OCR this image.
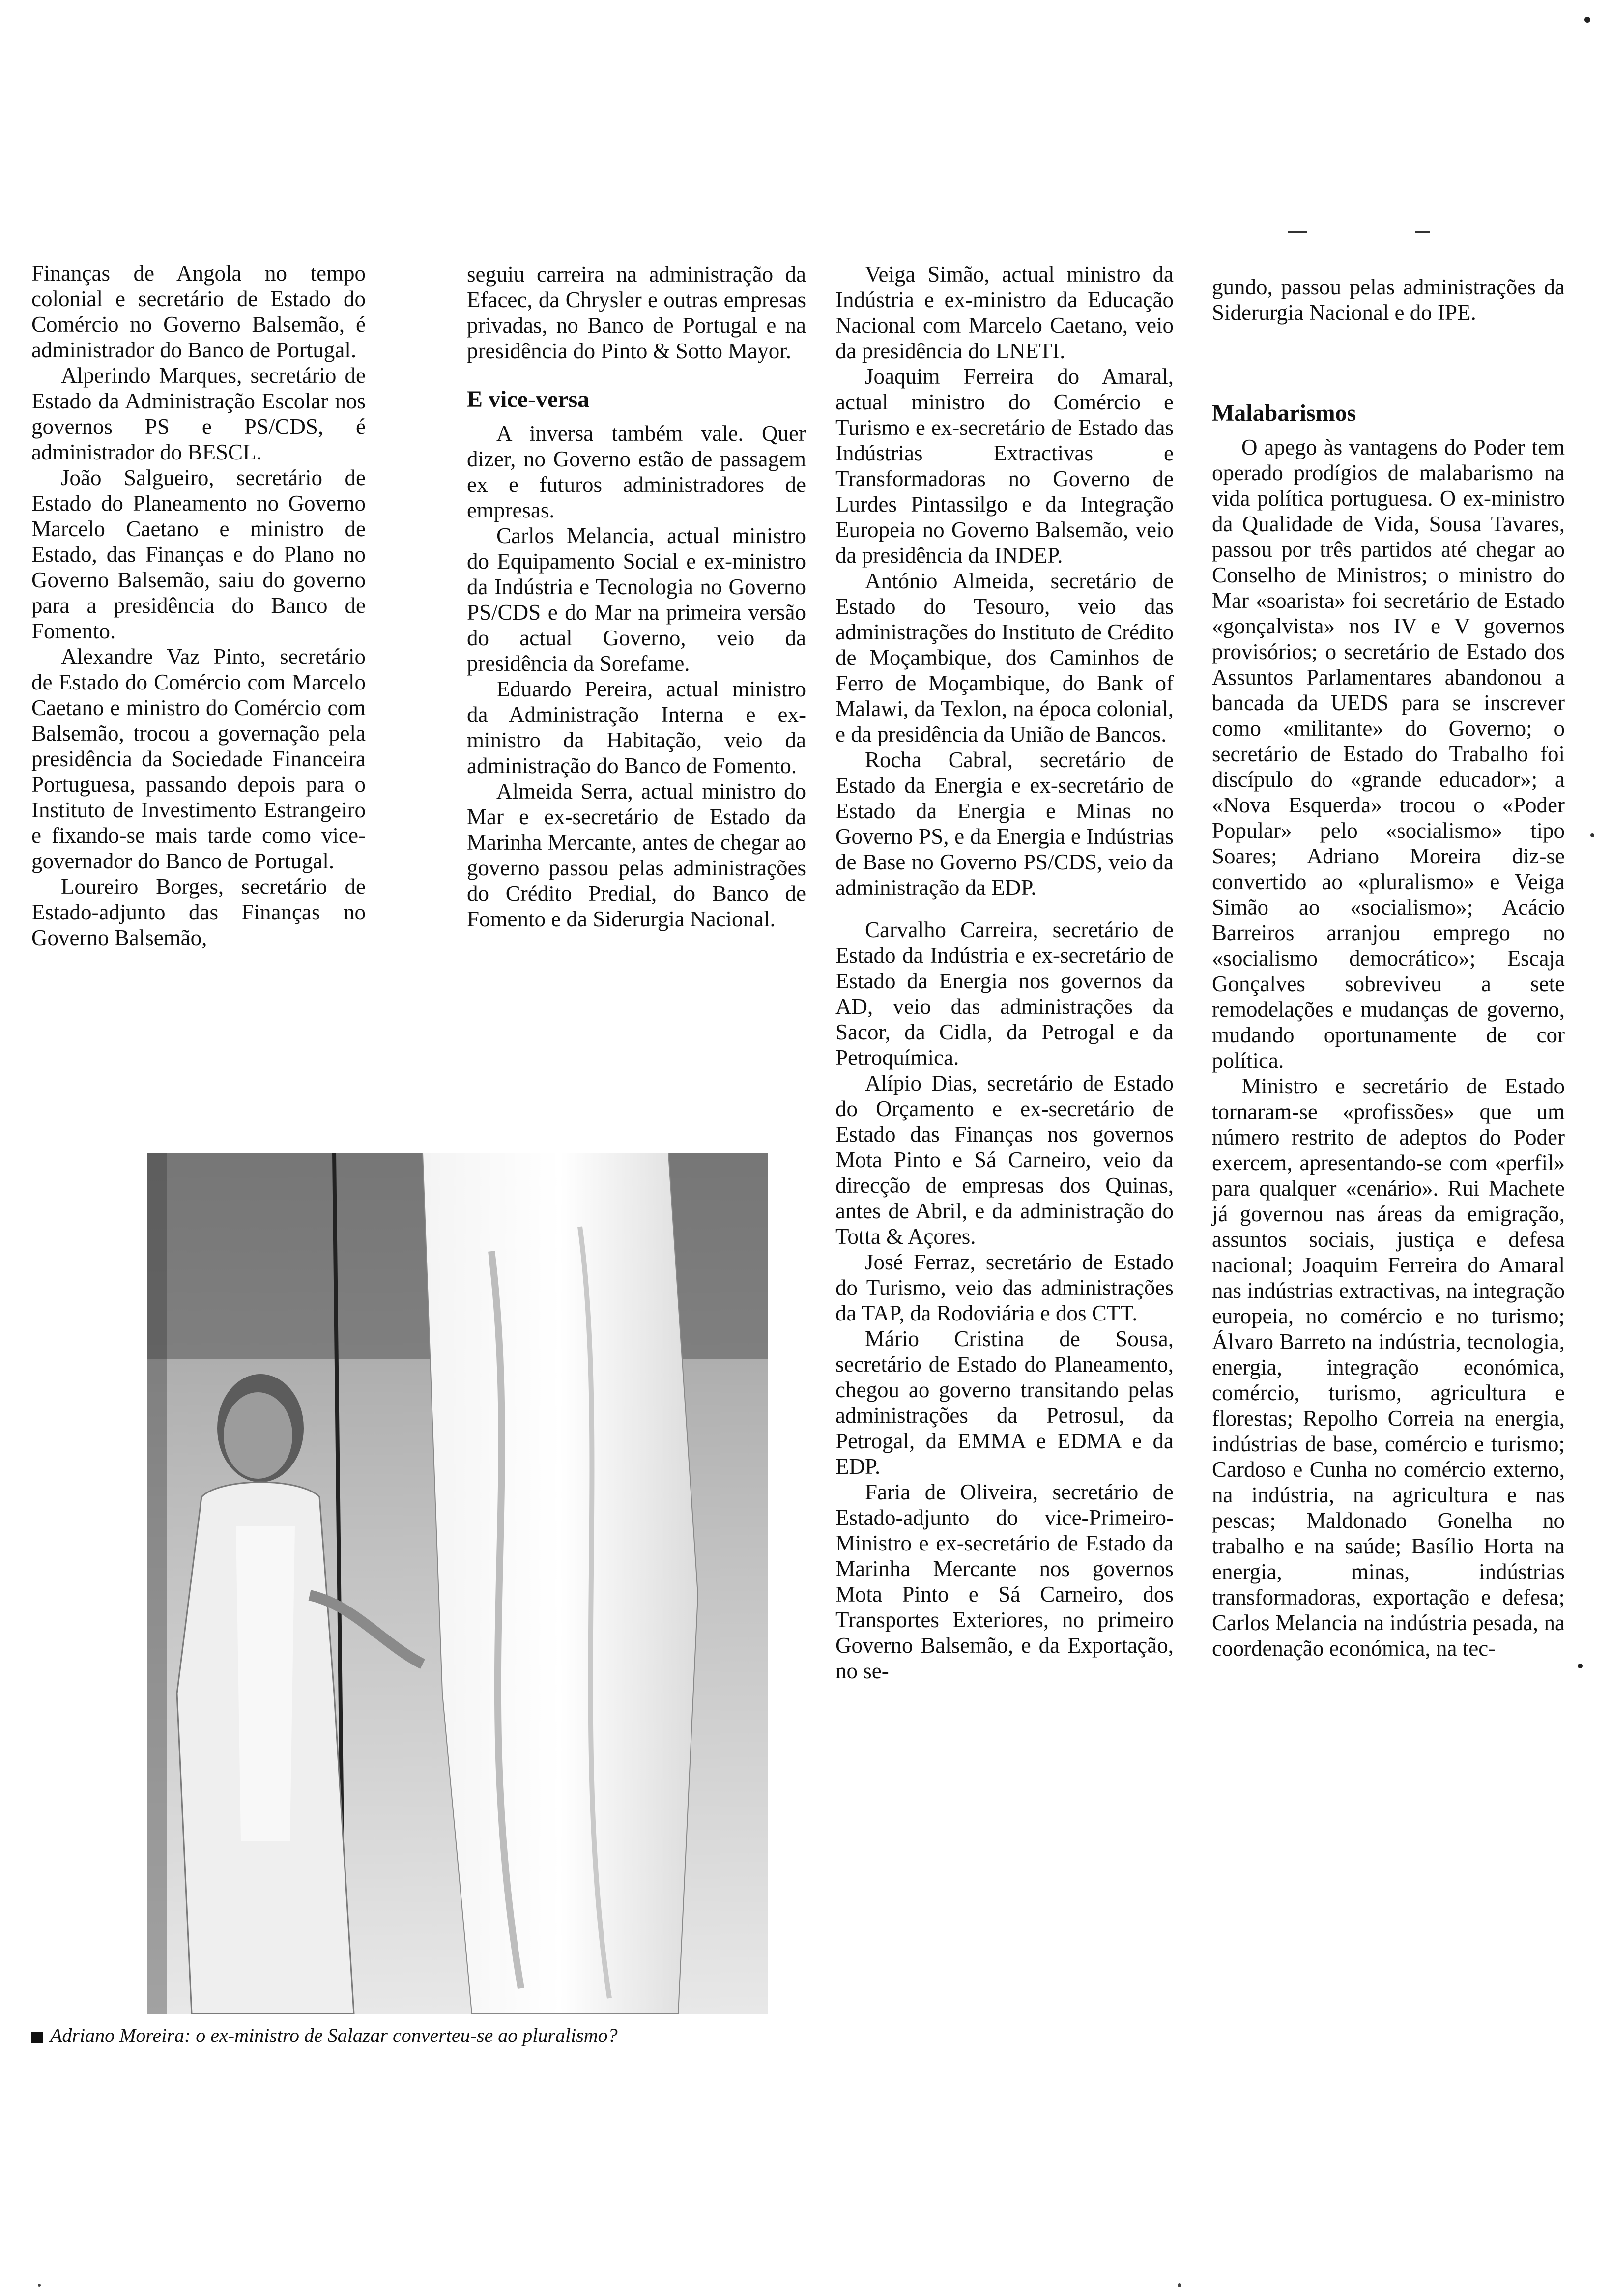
Finanças de Angola no tempo colonial e secretário de Estado do Comércio no Governo Balsemão, é administrador do Banco de Portugal.

Alperindo Marques, secretário de Estado da Administração Escolar nos governos PS e PS/CDS, é administrador do BESCL.

João Salgueiro, secretário de Estado do Planeamento no Governo Marcelo Caetano e ministro de Estado, das Finanças e do Plano no Governo Balsemão, saiu do governo para a presidência do Banco de Fomento.

Alexandre Vaz Pinto, secretário de Estado do Comércio com Marcelo Caetano e ministro do Comércio com Balsemão, trocou a governação pela presidência da Sociedade Financeira Portuguesa, passando depois para o Instituto de Investimento Estrangeiro e fixando-se mais tarde como vice-governador do Banco de Portugal.

Loureiro Borges, secretário de Estado-adjunto das Finanças no Governo Balsemão,

seguiu carreira na administração da Efacec, da Chrysler e outras empresas privadas, no Banco de Portugal e na presidência do Pinto & Sotto Mayor.

E vice-versa

A inversa também vale. Quer dizer, no Governo estão de passagem ex e futuros administradores de empresas.

Carlos Melancia, actual ministro do Equipamento Social e ex-ministro da Indústria e Tecnologia no Governo PS/CDS e do Mar na primeira versão do actual Governo, veio da presidência da Sorefame.

Eduardo Pereira, actual ministro da Administração Interna e ex-ministro da Habitação, veio da administração do Banco de Fomento.

Almeida Serra, actual ministro do Mar e ex-secretário de Estado da Marinha Mercante, antes de chegar ao governo passou pelas administrações do Crédito Predial, do Banco de Fomento e da Siderurgia Nacional.

Veiga Simão, actual ministro da Indústria e ex-ministro da Educação Nacional com Marcelo Caetano, veio da presidência do LNETI.

Joaquim Ferreira do Amaral, actual ministro do Comércio e Turismo e ex-secretário de Estado das Indústrias Extractivas e Transformadoras no Governo de Lurdes Pintassilgo e da Integração Europeia no Governo Balsemão, veio da presidência da INDEP.

António Almeida, secretário de Estado do Tesouro, veio das administrações do Instituto de Crédito de Moçambique, dos Caminhos de Ferro de Moçambique, do Bank of Malawi, da Texlon, na época colonial, e da presidência da União de Bancos.

Rocha Cabral, secretário de Estado da Energia e ex-secretário de Estado da Energia e Minas no Governo PS, e da Energia e Indústrias de Base no Governo PS/CDS, veio da administração da EDP.

Carvalho Carreira, secretário de Estado da Indústria e ex-secretário de Estado da Energia nos governos da AD, veio das administrações da Sacor, da Cidla, da Petrogal e da Petroquímica.

Alípio Dias, secretário de Estado do Orçamento e ex-secretário de Estado das Finanças nos governos Mota Pinto e Sá Carneiro, veio da direcção de empresas dos Quinas, antes de Abril, e da administração do Totta & Açores.

José Ferraz, secretário de Estado do Turismo, veio das administrações da TAP, da Rodoviária e dos CTT.

Mário Cristina de Sousa, secretário de Estado do Planeamento, chegou ao governo transitando pelas administrações da Petrosul, da Petrogal, da EMMA e EDMA e da EDP.

Faria de Oliveira, secretário de Estado-adjunto do vice-Primeiro-Ministro e ex-secretário de Estado da Marinha Mercante nos governos Mota Pinto e Sá Carneiro, dos Transportes Exteriores, no primeiro Governo Balsemão, e da Exportação, no se-

gundo, passou pelas administrações da Siderurgia Nacional e do IPE.

Malabarismos

O apego às vantagens do Poder tem operado prodígios de malabarismo na vida política portuguesa. O ex-ministro da Qualidade de Vida, Sousa Tavares, passou por três partidos até chegar ao Conselho de Ministros; o ministro do Mar «soarista» foi secretário de Estado «gonçalvista» nos IV e V governos provisórios; o secretário de Estado dos Assuntos Parlamentares abandonou a bancada da UEDS para se inscrever como «militante» do Governo; o secretário de Estado do Trabalho foi discípulo do «grande educador»; a «Nova Esquerda» trocou o «Poder Popular» pelo «socialismo» tipo Soares; Adriano Moreira diz-se convertido ao «pluralismo» e Veiga Simão ao «socialismo»; Acácio Barreiros arranjou emprego no «socialismo democrático»; Escaja Gonçalves sobreviveu a sete remodelações e mudanças de governo, mudando oportunamente de cor política.

Ministro e secretário de Estado tornaram-se «profissões» que um número restrito de adeptos do Poder exercem, apresentando-se com «perfil» para qualquer «cenário». Rui Machete já governou nas áreas da emigração, assuntos sociais, justiça e defesa nacional; Joaquim Ferreira do Amaral nas indústrias extractivas, na integração europeia, no comércio e no turismo; Álvaro Barreto na indústria, tecnologia, energia, integração económica, comércio, turismo, agricultura e florestas; Repolho Correia na energia, indústrias de base, comércio e turismo; Cardoso e Cunha no comércio externo, na indústria, na agricultura e nas pescas; Maldonado Gonelha no trabalho e na saúde; Basílio Horta na energia, minas, indústrias transformadoras, exportação e defesa; Carlos Melancia na indústria pesada, na coordenação económica, na tec-

Adriano Moreira: o ex-ministro de Salazar converteu-se ao pluralismo?
